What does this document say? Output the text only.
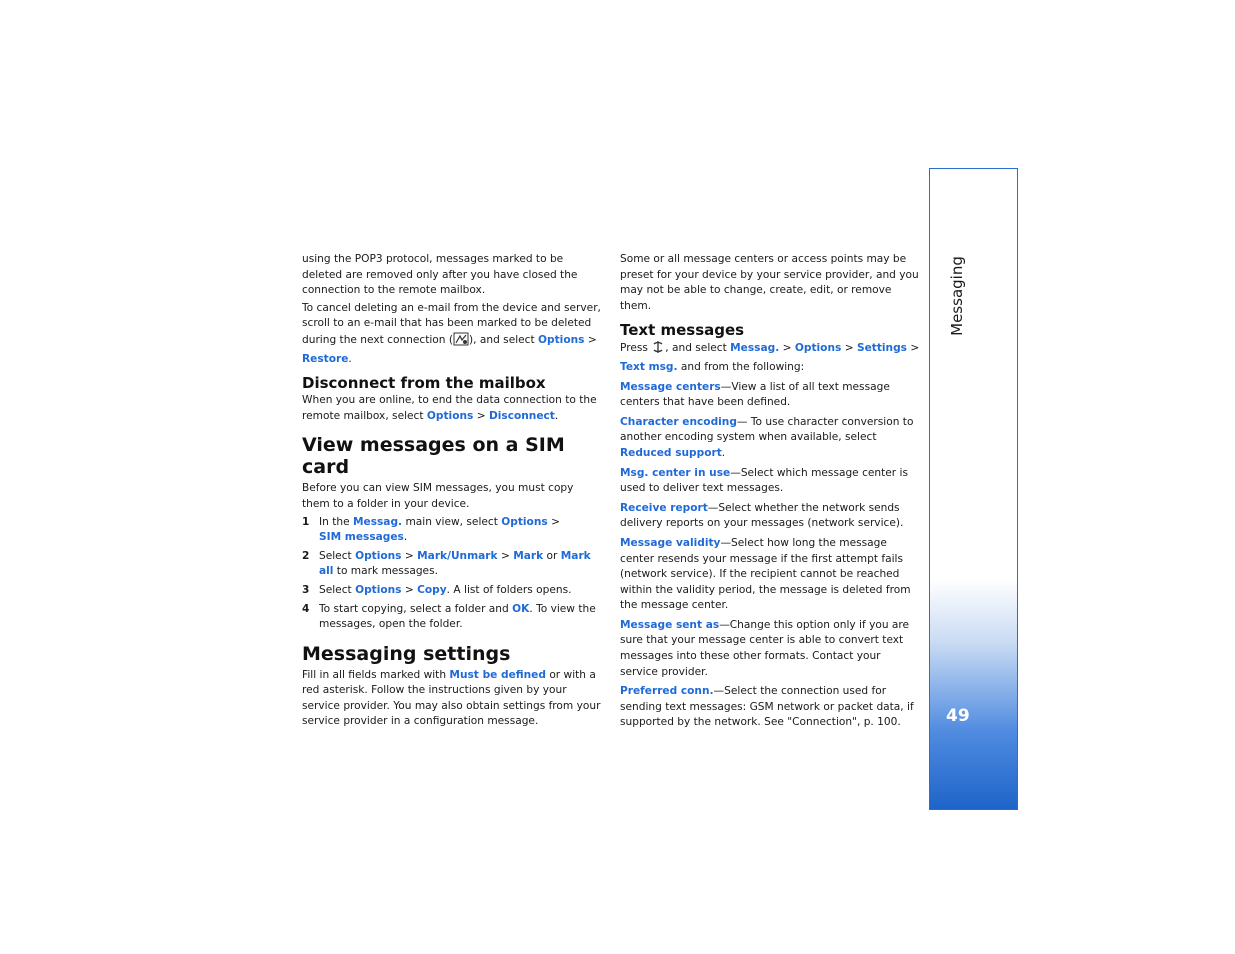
using the POP3 protocol, messages marked to be deleted are removed only after you have closed the connection to the remote mailbox.

To cancel deleting an e-mail from the device and server, scroll to an e-mail that has been marked to be deleted during the next connection ( ), and select Options > Restore.

Disconnect from the mailbox

When you are online, to end the data connection to the remote mailbox, select Options > Disconnect.

View messages on a SIM card

Before you can view SIM messages, you must copy them to a folder in your device.

1 In the Messag. main view, select Options >
SIM messages.
2 Select Options > Mark/Unmark > Mark or Mark all to mark messages.
3 Select Options > Copy. A list of folders opens.
4 To start copying, select a folder and OK. To view the messages, open the folder.
Messaging settings

Fill in all fields marked with Must be defined or with a red asterisk. Follow the instructions given by your service provider. You may also obtain settings from your service provider in a configuration message.

Some or all message centers or access points may be preset for your device by your service provider, and you may not be able to change, create, edit, or remove them.

Text messages

Press , and select Messag. > Options > Settings >
Text msg. and from the following:

Message centers—View a list of all text message centers that have been defined.

Character encoding— To use character conversion to another encoding system when available, select Reduced support.

Msg. center in use—Select which message center is used to deliver text messages.

Receive report—Select whether the network sends delivery reports on your messages (network service).

Message validity—Select how long the message center resends your message if the first attempt fails (network service). If the recipient cannot be reached within the validity period, the message is deleted from the message center.

Message sent as—Change this option only if you are sure that your message center is able to convert text messages into these other formats. Contact your service provider.

Preferred conn.—Select the connection used for sending text messages: GSM network or packet data, if supported by the network. See "Connection", p. 100.

Messaging
49
